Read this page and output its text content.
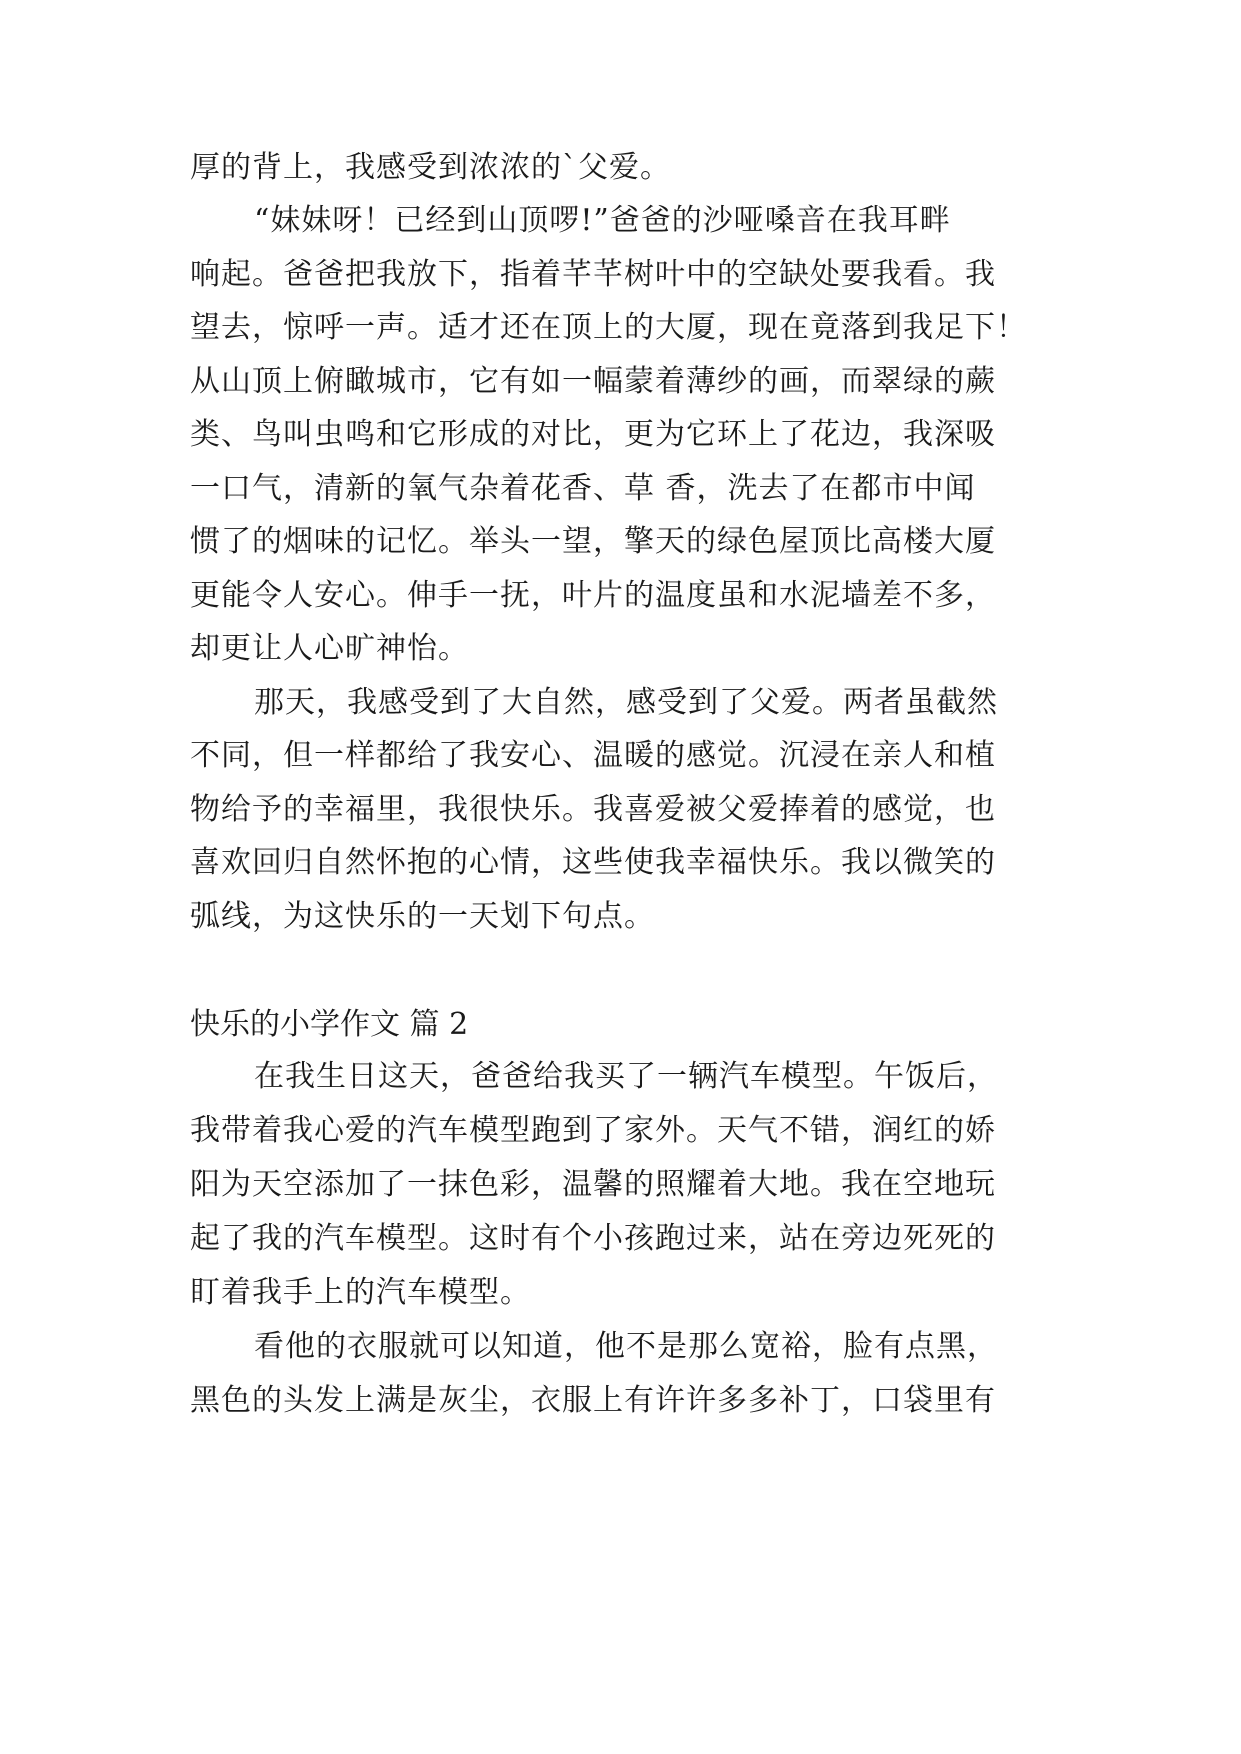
厚的背上，我感受到浓浓的`父爱。
“妹妹呀！已经到山顶啰!”爸爸的沙哑嗓音在我耳畔
响起。爸爸把我放下，指着芊芊树叶中的空缺处要我看。我
望去，惊呼一声。适才还在顶上的大厦，现在竟落到我足下！
从山顶上俯瞰城市，它有如一幅蒙着薄纱的画，而翠绿的蕨
类、鸟叫虫鸣和它形成的对比，更为它环上了花边，我深吸
一口气，清新的氧气杂着花香、草 香，洗去了在都市中闻
惯了的烟味的记忆。举头一望，擎天的绿色屋顶比高楼大厦
更能令人安心。伸手一抚，叶片的温度虽和水泥墙差不多，
却更让人心旷神怡。
那天，我感受到了大自然，感受到了父爱。两者虽截然
不同，但一样都给了我安心、温暖的感觉。沉浸在亲人和植
物给予的幸福里，我很快乐。我喜爱被父爱捧着的感觉，也
喜欢回归自然怀抱的心情，这些使我幸福快乐。我以微笑的
弧线，为这快乐的一天划下句点。
快乐的小学作文 篇 2
在我生日这天，爸爸给我买了一辆汽车模型。午饭后，
我带着我心爱的汽车模型跑到了家外。天气不错，润红的娇
阳为天空添加了一抹色彩，温馨的照耀着大地。我在空地玩
起了我的汽车模型。这时有个小孩跑过来，站在旁边死死的
盯着我手上的汽车模型。
看他的衣服就可以知道，他不是那么宽裕，脸有点黑，
黑色的头发上满是灰尘，衣服上有许许多多补丁，口袋里有
